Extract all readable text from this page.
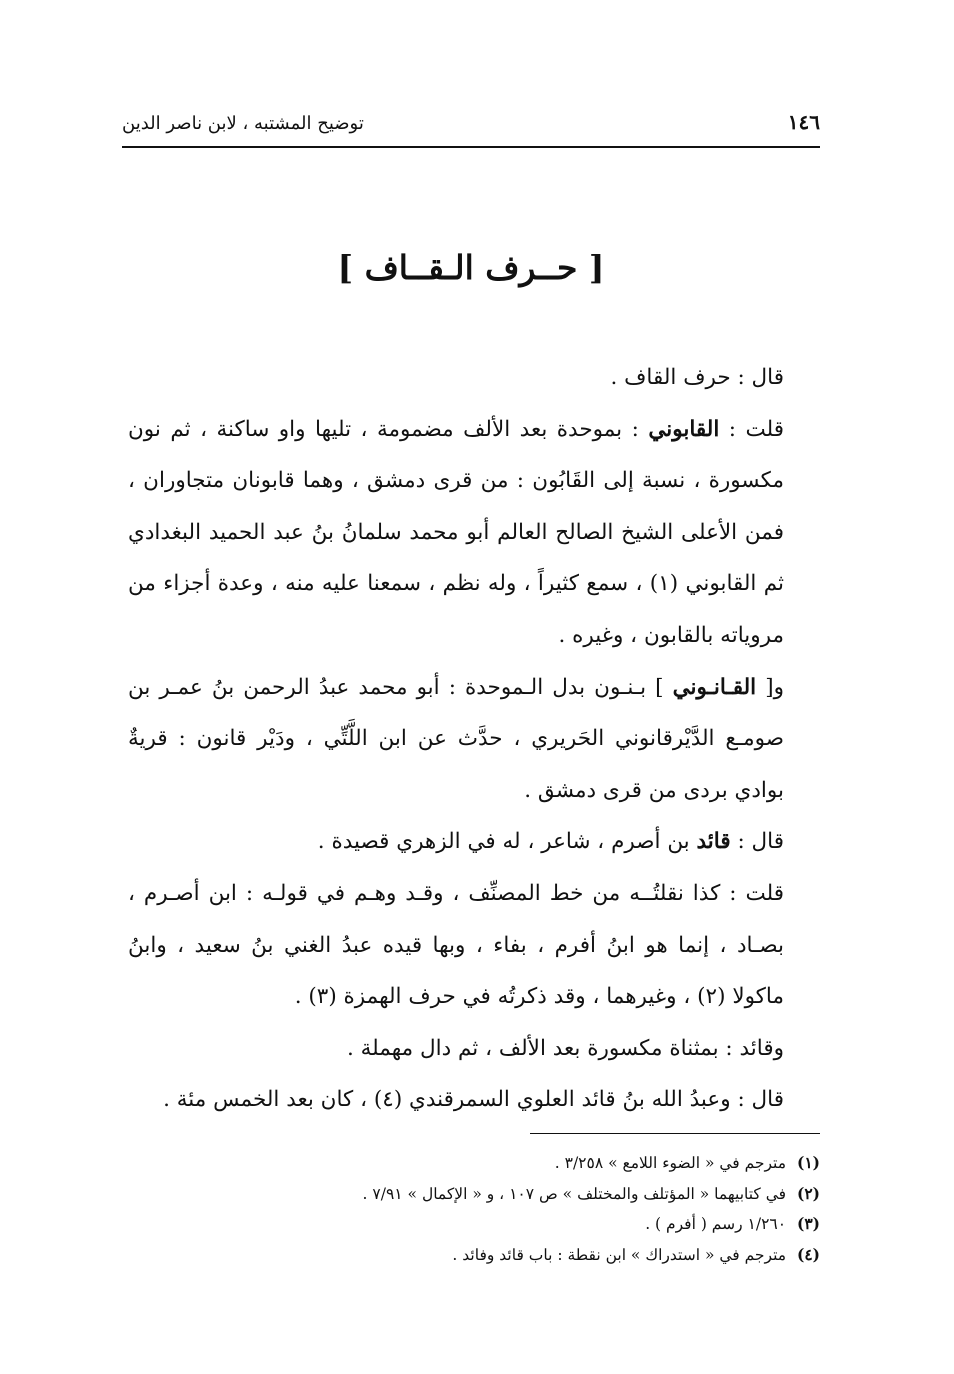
١٤٦
توضيح المشتبه ، لابن ناصر الدين
[ حــرف الـقــاف ]

قال : حرف القاف .

قلت : القابوني : بموحدة بعد الألف مضمومة ، تليها واو ساكنة ، ثم نون مكسورة ، نسبة إلى القَابُون : من قرى دمشق ، وهما قابونان متجاوران ، فمن الأعلى الشيخ الصالح العالم أبو محمد سلمانُ بنُ عبد الحميد البغدادي ثم القابوني (١) ، سمع كثيراً ، وله نظم ، سمعنا عليه منه ، وعدة أجزاء من مروياته بالقابون ، وغيره .

و[ القـانـوني ] بـنـون بدل الـموحدة : أبو محمد عبدُ الرحمن بنُ عمـر بن صومـع الدَّيْرقانوني الحَريري ، حدَّث عن ابن اللَّتِّي ، ودَيْر قانون : قريةٌ بوادي بردى من قرى دمشق .

قال : قائد بن أصرم ، شاعر ، له في الزهري قصيدة .

قلت : كذا نقلتُــه من خط المصنِّف ، وقـد وهـم في قولـه : ابن أصـرم ، بصـاد ، إنما هو ابنُ أفرم ، بفاء ، وبها قيده عبدُ الغني بنُ سعيد ، وابنُ ماكولا (٢) ، وغيرهما ، وقد ذكرتُه في حرف الهمزة (٣) .

وقائد : بمثناة مكسورة بعد الألف ، ثم دال مهملة .

قال : وعبدُ الله بنُ قائد العلوي السمرقندي (٤) ، كان بعد الخمس مئة .

(١) مترجم في « الضوء اللامع » ٣/٢٥٨ .

(٢) في كتابيهما « المؤتلف والمختلف » ص ١٠٧ ، و « الإكمال » ٧/٩١ .

(٣) ١/٢٦٠ رسم ( أفرم ) .

(٤) مترجم في « استدراك » ابن نقطة : باب قائد وفائد .
